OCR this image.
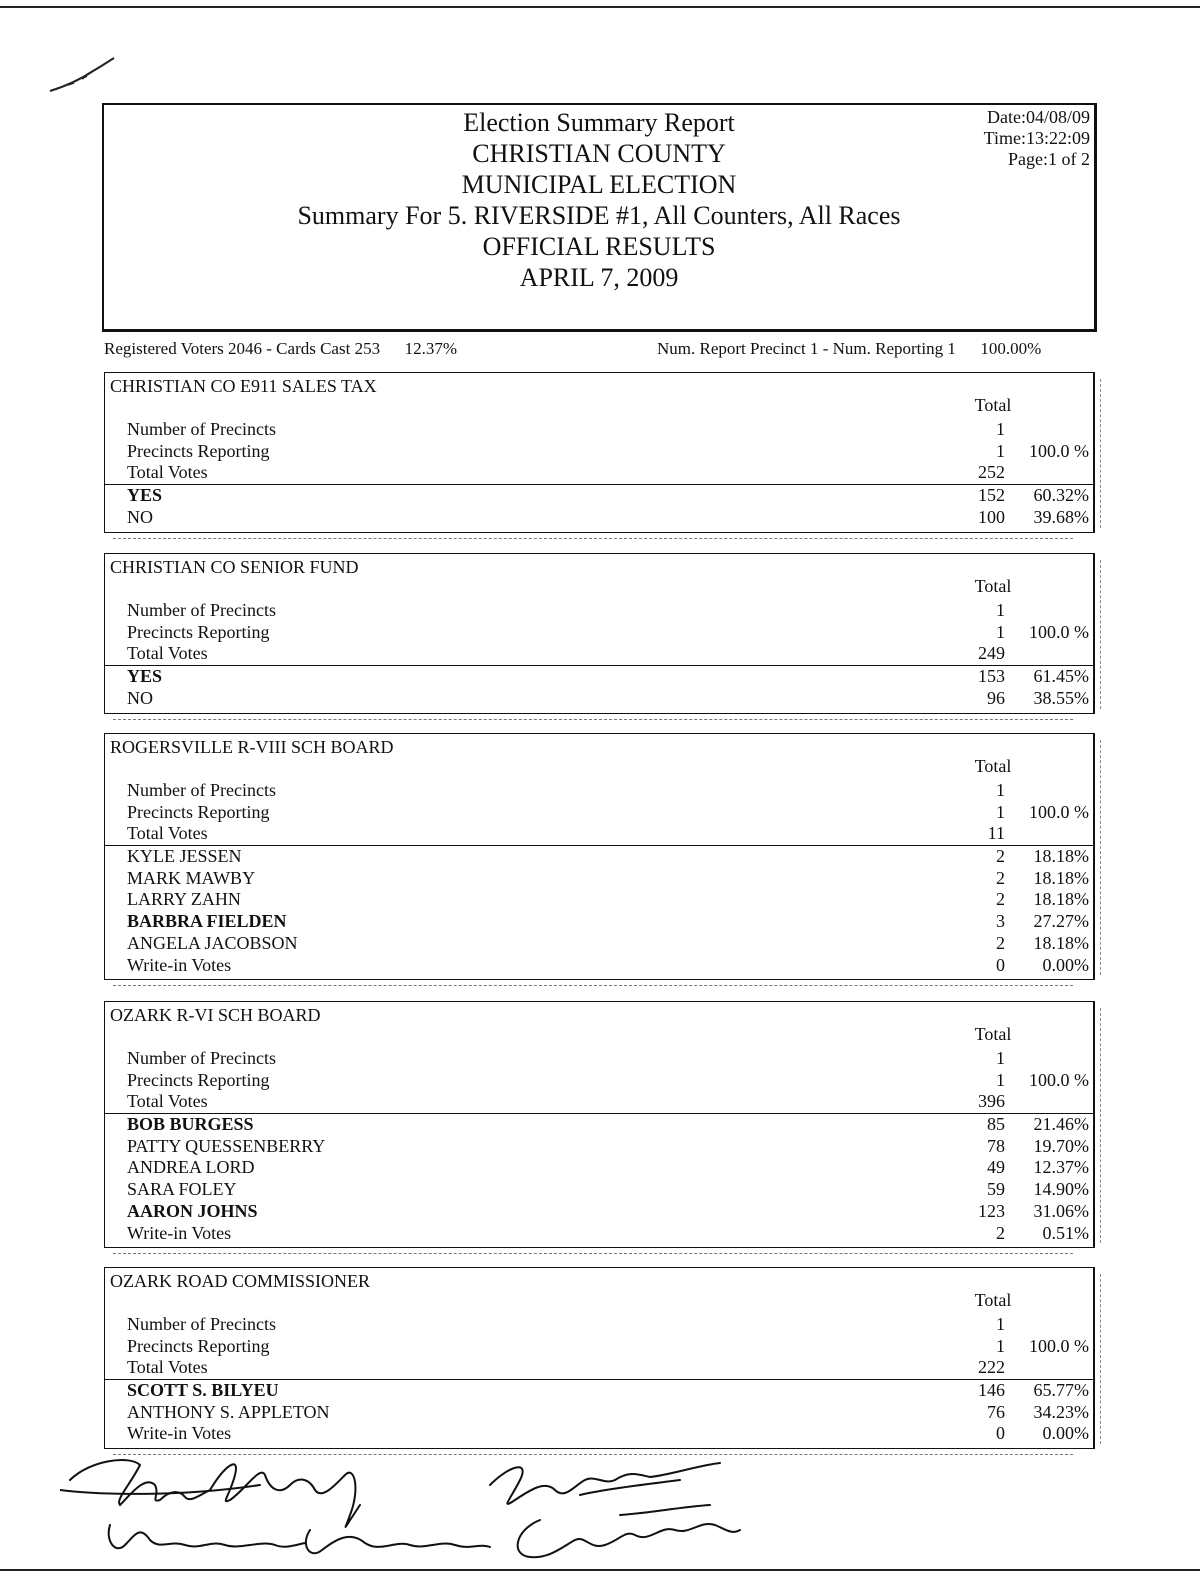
Election Summary Report
CHRISTIAN COUNTY
MUNICIPAL ELECTION
Summary For 5. RIVERSIDE #1, All Counters, All Races
OFFICIAL RESULTS
APRIL 7, 2009
Date:04/08/09
Time:13:22:09
Page:1 of 2
Registered Voters 2046 - Cards Cast 253 12.37%	Num. Report Precinct 1 - Num. Reporting 1 100.00%
CHRISTIAN CO E911 SALES TAX
Total
Number of Precincts	1
Precincts Reporting	1	100.0 %
Total Votes	252
YES	152	60.32%
NO	100	39.68%
CHRISTIAN CO SENIOR FUND
Total
Number of Precincts	1
Precincts Reporting	1	100.0 %
Total Votes	249
YES	153	61.45%
NO	96	38.55%
ROGERSVILLE R-VIII SCH BOARD
Total
Number of Precincts	1
Precincts Reporting	1	100.0 %
Total Votes	11
KYLE JESSEN	2	18.18%
MARK MAWBY	2	18.18%
LARRY ZAHN	2	18.18%
BARBRA FIELDEN	3	27.27%
ANGELA JACOBSON	2	18.18%
Write-in Votes	0	0.00%
OZARK R-VI SCH BOARD
Total
Number of Precincts	1
Precincts Reporting	1	100.0 %
Total Votes	396
BOB BURGESS	85	21.46%
PATTY QUESSENBERRY	78	19.70%
ANDREA LORD	49	12.37%
SARA FOLEY	59	14.90%
AARON JOHNS	123	31.06%
Write-in Votes	2	0.51%
OZARK ROAD COMMISSIONER
Total
Number of Precincts	1
Precincts Reporting	1	100.0 %
Total Votes	222
SCOTT S. BILYEU	146	65.77%
ANTHONY S. APPLETON	76	34.23%
Write-in Votes	0	0.00%
